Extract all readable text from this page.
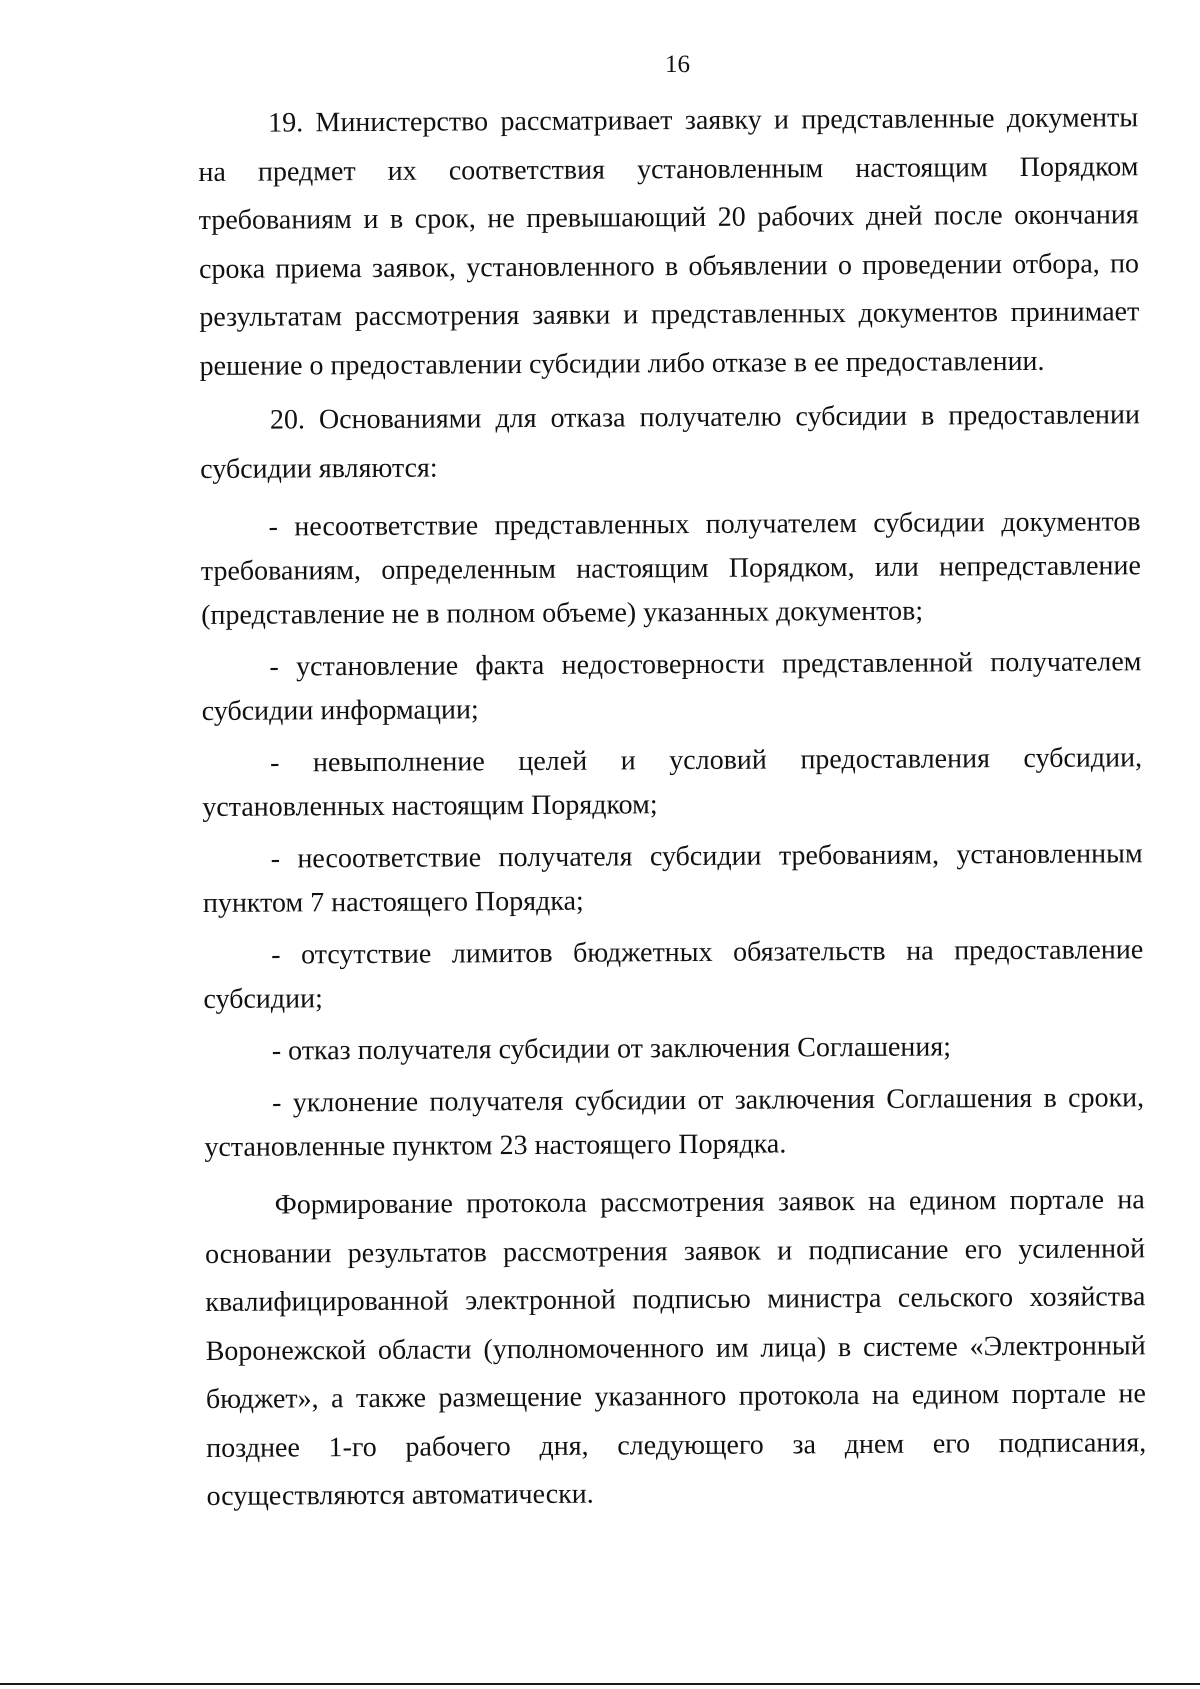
16

19. Министерство рассматривает заявку и представленные документы на предмет их соответствия установленным настоящим Порядком требованиям и в срок, не превышающий 20 рабочих дней после окончания срока приема заявок, установленного в объявлении о проведении отбора, по результатам рассмотрения заявки и представленных документов принимает решение о предоставлении субсидии либо отказе в ее предоставлении.

20. Основаниями для отказа получателю субсидии в предоставлении субсидии являются:

- несоответствие представленных получателем субсидии документов требованиям, определенным настоящим Порядком, или непредставление (представление не в полном объеме) указанных документов;

- установление факта недостоверности представленной получателем субсидии информации;

- невыполнение целей и условий предоставления субсидии, установленных настоящим Порядком;

- несоответствие получателя субсидии требованиям, установленным пунктом 7 настоящего Порядка;

- отсутствие лимитов бюджетных обязательств на предоставление субсидии;

- отказ получателя субсидии от заключения Соглашения;

- уклонение получателя субсидии от заключения Соглашения в сроки, установленные пунктом 23 настоящего Порядка.

Формирование протокола рассмотрения заявок на едином портале на основании результатов рассмотрения заявок и подписание его усиленной квалифицированной электронной подписью министра сельского хозяйства Воронежской области (уполномоченного им лица) в системе «Электронный бюджет», а также размещение указанного протокола на едином портале не позднее 1-го рабочего дня, следующего за днем его подписания, осуществляются автоматически.
